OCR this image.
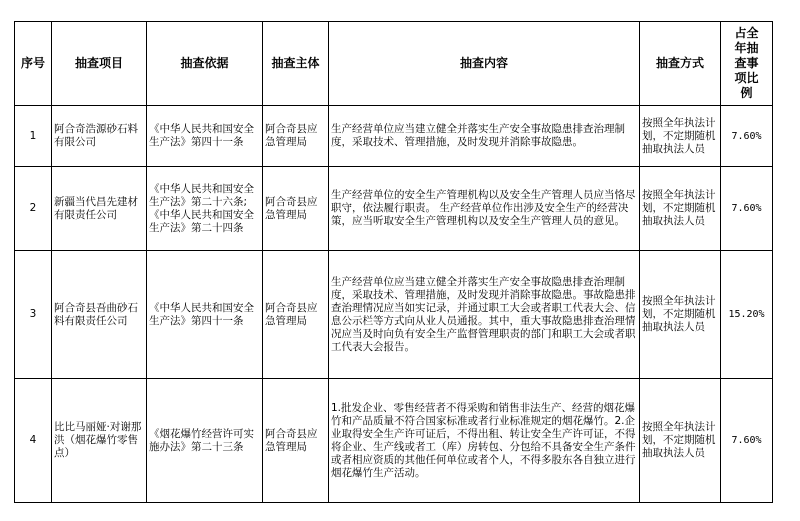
序号	抽查项目	抽查依据	抽查主体	抽查内容	抽查方式	占全年抽查事项比例
1	阿合奇浩源砂石料有限公司	《中华人民共和国安全生产法》第四十一条	阿合奇县应急管理局	生产经营单位应当建立健全并落实生产安全事故隐患排查治理制度，采取技术、管理措施，及时发现并消除事故隐患。	按照全年执法计划，不定期随机抽取执法人员	7.60%
2	新疆当代昌先建材有限责任公司	《中华人民共和国安全生产法》第二十六条;《中华人民共和国安全生产法》第二十四条	阿合奇县应急管理局	生产经营单位的安全生产管理机构以及安全生产管理人员应当恪尽职守，依法履行职责。 生产经营单位作出涉及安全生产的经营决策，应当听取安全生产管理机构以及安全生产管理人员的意见。	按照全年执法计划，不定期随机抽取执法人员	7.60%
3	阿合奇县吾曲砂石料有限责任公司	《中华人民共和国安全生产法》第四十一条	阿合奇县应急管理局	生产经营单位应当建立健全并落实生产安全事故隐患排查治理制度，采取技术、管理措施，及时发现并消除事故隐患。事故隐患排查治理情况应当如实记录，并通过职工大会或者职工代表大会、信息公示栏等方式向从业人员通报。其中，重大事故隐患排查治理情况应当及时向负有安全生产监督管理职责的部门和职工大会或者职工代表大会报告。	按照全年执法计划，不定期随机抽取执法人员	15.20%
4	比比马丽娅·对谢那洪（烟花爆竹零售点）	《烟花爆竹经营许可实施办法》第二十三条	阿合奇县应急管理局	1.批发企业、零售经营者不得采购和销售非法生产、经营的烟花爆竹和产品质量不符合国家标准或者行业标准规定的烟花爆竹。2.企业取得安全生产许可证后，不得出租、转让安全生产许可证，不得将企业、生产线或者工（库）房转包、分包给不具备安全生产条件或者相应资质的其他任何单位或者个人，不得多股东各自独立进行烟花爆竹生产活动。	按照全年执法计划，不定期随机抽取执法人员	7.60%
